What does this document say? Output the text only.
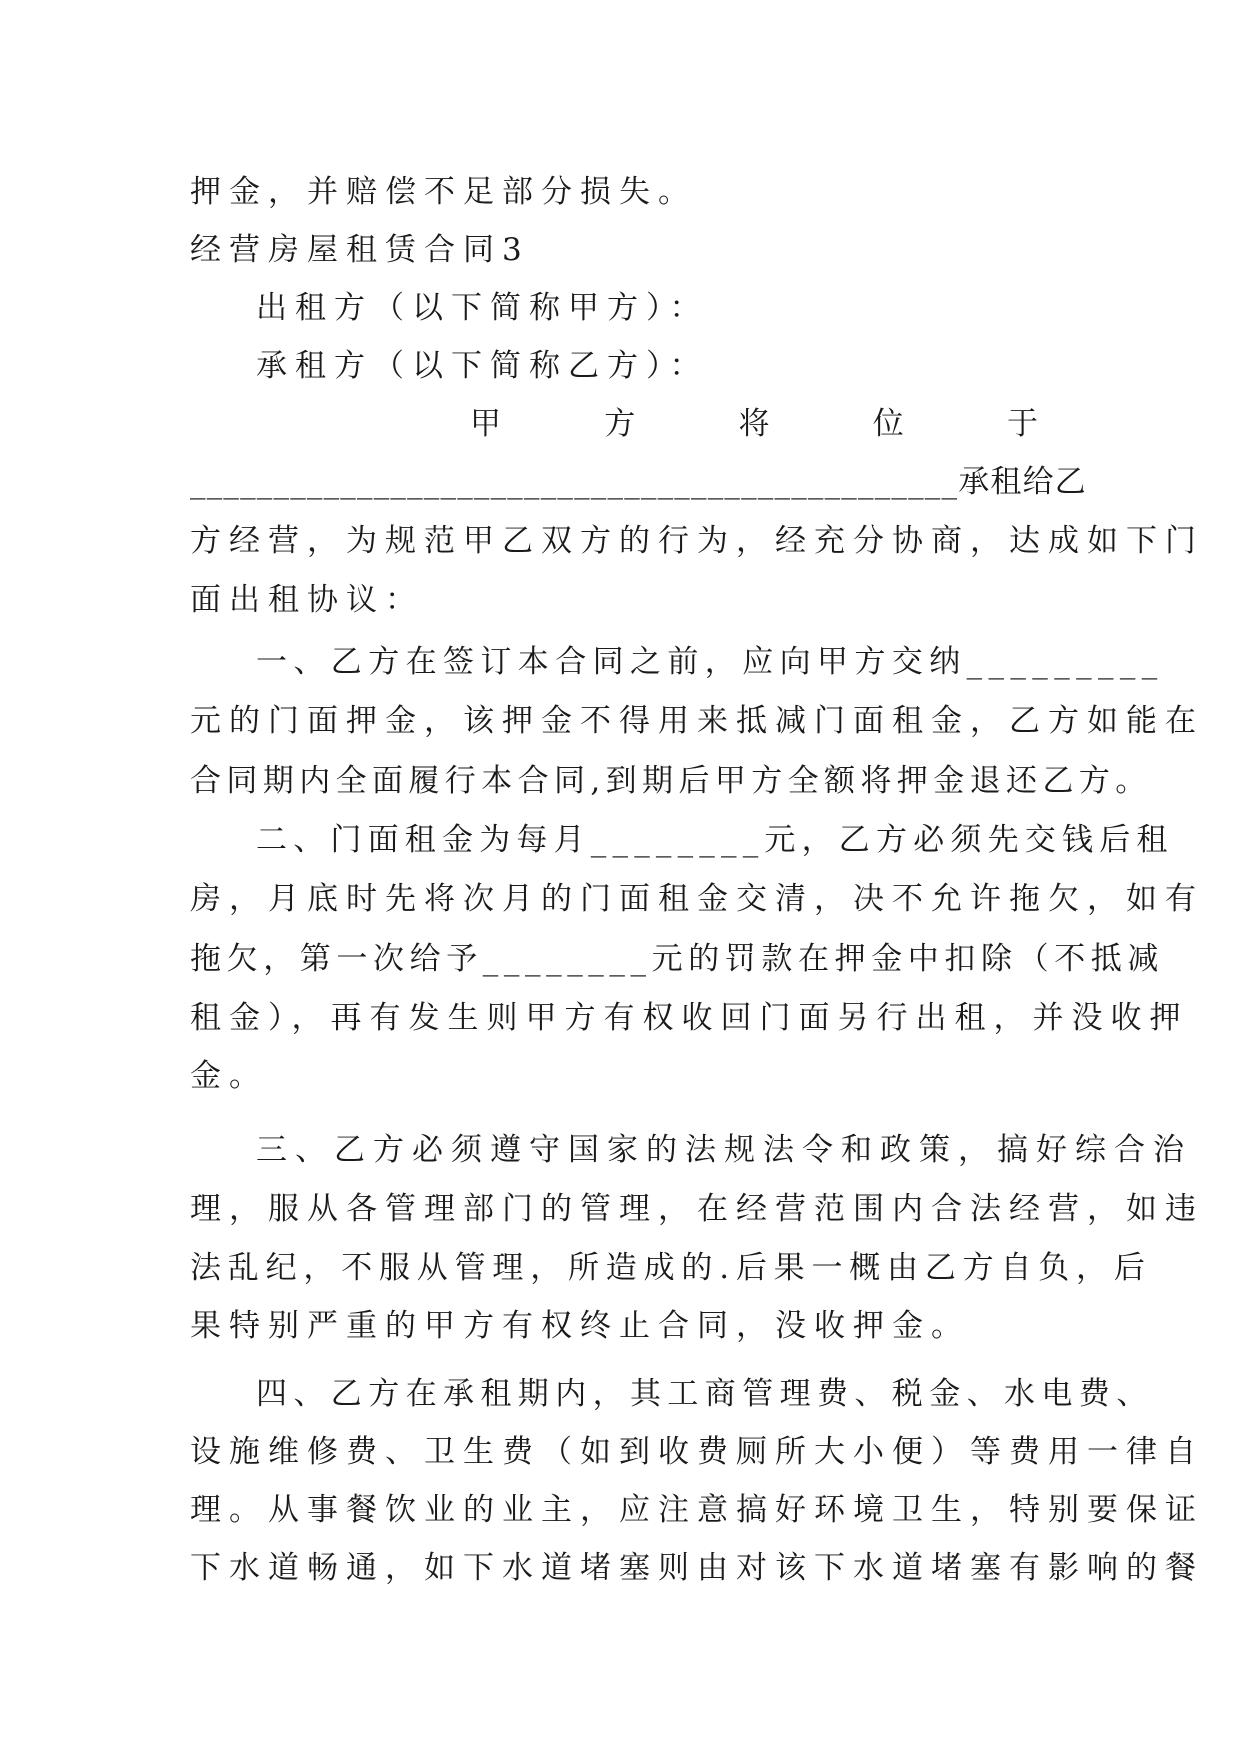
押金，并赔偿不足部分损失。
经营房屋租赁合同3
出租方（以下简称甲方）：
承租方（以下简称乙方）：
甲	方	将	位	于
______________________________________________承租给乙
方经营，为规范甲乙双方的行为，经充分协商，达成如下门
面出租协议：
一、乙方在签订本合同之前，应向甲方交纳_________
元的门面押金，该押金不得用来抵减门面租金，乙方如能在
合同期内全面履行本合同,到期后甲方全额将押金退还乙方。
二、门面租金为每月________元，乙方必须先交钱后租
房，月底时先将次月的门面租金交清，决不允许拖欠，如有
拖欠，第一次给予________元的罚款在押金中扣除（不抵减
租金），再有发生则甲方有权收回门面另行出租，并没收押
金。
三、乙方必须遵守国家的法规法令和政策，搞好综合治
理，服从各管理部门的管理，在经营范围内合法经营，如违
法乱纪，不服从管理，所造成的.后果一概由乙方自负，后
果特别严重的甲方有权终止合同，没收押金。
四、乙方在承租期内，其工商管理费、税金、水电费、
设施维修费、卫生费（如到收费厕所大小便）等费用一律自
理。从事餐饮业的业主，应注意搞好环境卫生，特别要保证
下水道畅通，如下水道堵塞则由对该下水道堵塞有影响的餐
